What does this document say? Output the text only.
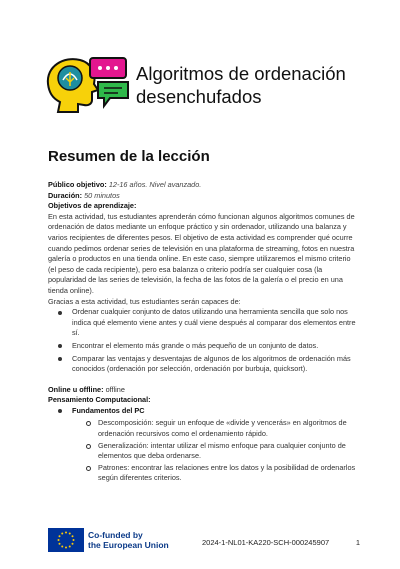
Algoritmos de ordenación
desenchufados
Resumen de la lección

Público objetivo: 12-16 años. Nivel avanzado.

Duración: 50 minutos

Objetivos de aprendizaje:

En esta actividad, tus estudiantes aprenderán cómo funcionan algunos algoritmos comunes de ordenación de datos mediante un enfoque práctico y sin ordenador, utilizando una balanza y varios recipientes de diferentes pesos. El objetivo de esta actividad es comprender qué ocurre cuando pedimos ordenar series de televisión en una plataforma de streaming, fotos en nuestra galería o productos en una tienda online. En este caso, siempre utilizaremos el mismo criterio (el peso de cada recipiente), pero esa balanza o criterio podría ser cualquier cosa (la popularidad de las series de televisión, la fecha de las fotos de la galería o el precio en una tienda online).

Gracias a esta actividad, tus estudiantes serán capaces de:

Ordenar cualquier conjunto de datos utilizando una herramienta sencilla que solo nos indica qué elemento viene antes y cuál viene después al comparar dos elementos entre sí.
Encontrar el elemento más grande o más pequeño de un conjunto de datos.
Comparar las ventajas y desventajas de algunos de los algoritmos de ordenación más conocidos (ordenación por selección, ordenación por burbuja, quicksort).

Online u offline: offline

Pensamiento Computacional:

Fundamentos del PC
Descomposición: seguir un enfoque de «divide y vencerás» en algoritmos de ordenación recursivos como el ordenamiento rápido.
Generalización: intentar utilizar el mismo enfoque para cualquier conjunto de elementos que deba ordenarse.
Patrones: encontrar las relaciones entre los datos y la posibilidad de ordenarlos según diferentes criterios.
Co-funded by
the European Union	2024-1-NL01-KA220-SCH-000245907	1
